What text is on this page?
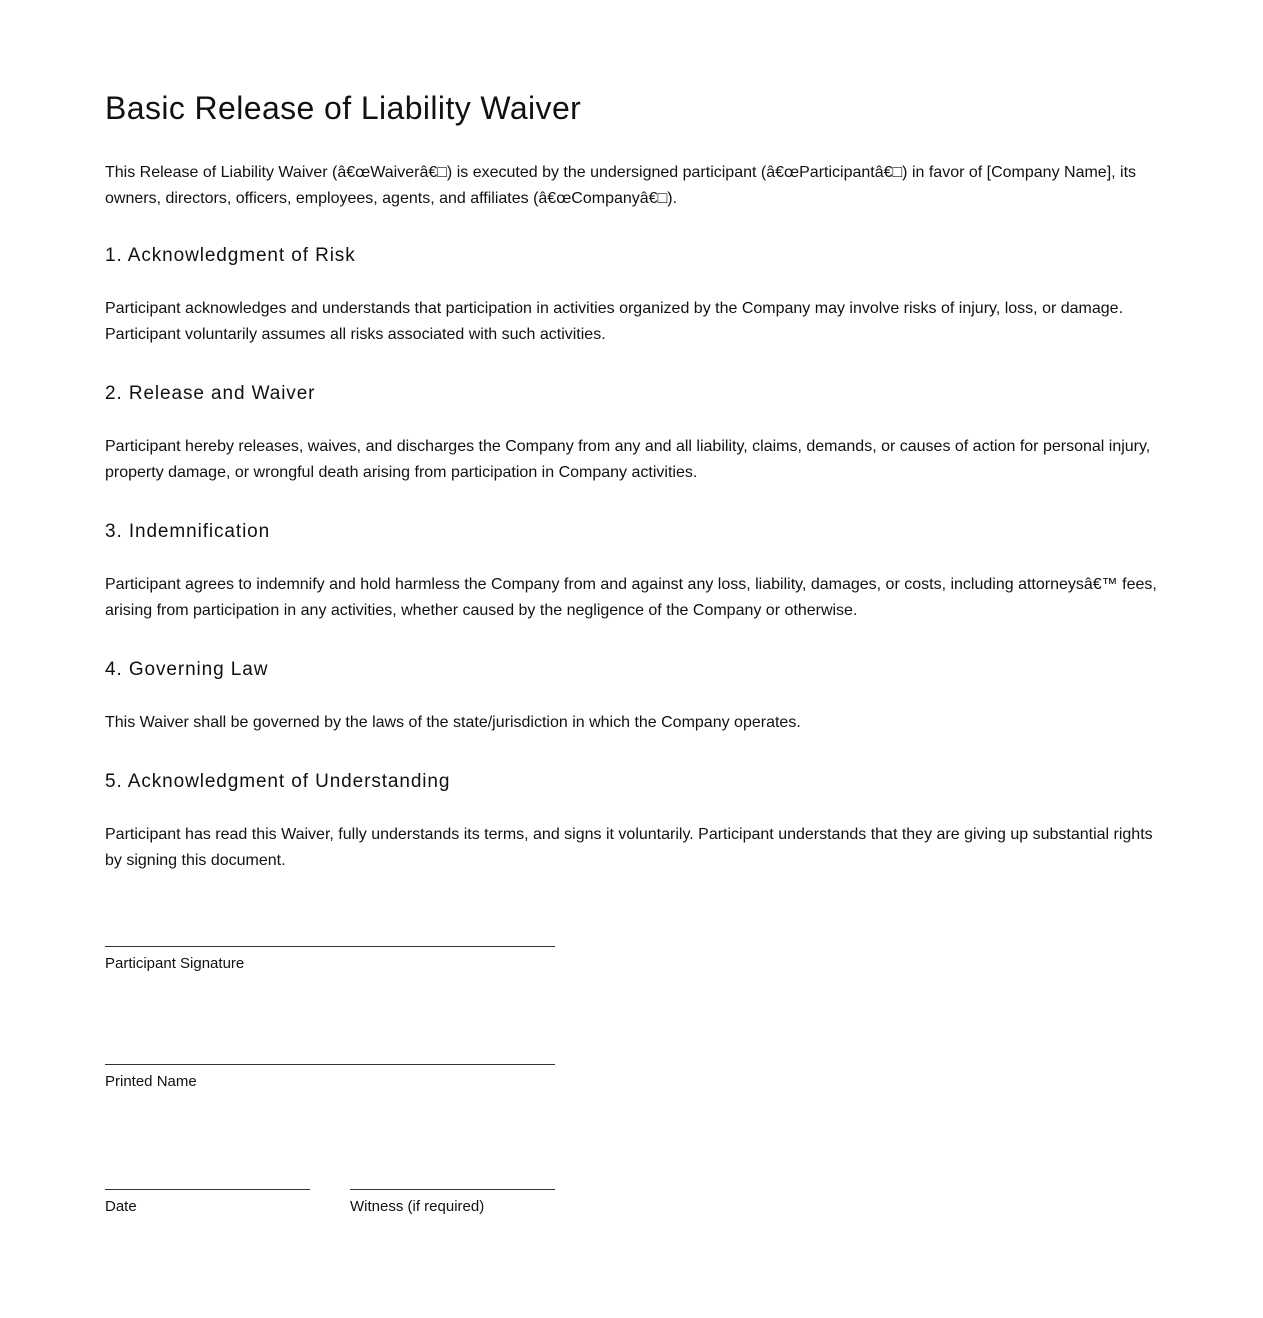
Basic Release of Liability Waiver

This Release of Liability Waiver (â€œWaiverâ€□) is executed by the undersigned participant (â€œParticipantâ€□) in favor of [Company Name], its owners, directors, officers, employees, agents, and affiliates (â€œCompanyâ€□).

1. Acknowledgment of Risk

Participant acknowledges and understands that participation in activities organized by the Company may involve risks of injury, loss, or damage. Participant voluntarily assumes all risks associated with such activities.

2. Release and Waiver

Participant hereby releases, waives, and discharges the Company from any and all liability, claims, demands, or causes of action for personal injury, property damage, or wrongful death arising from participation in Company activities.

3. Indemnification

Participant agrees to indemnify and hold harmless the Company from and against any loss, liability, damages, or costs, including attorneysâ€™ fees, arising from participation in any activities, whether caused by the negligence of the Company or otherwise.

4. Governing Law

This Waiver shall be governed by the laws of the state/jurisdiction in which the Company operates.

5. Acknowledgment of Understanding

Participant has read this Waiver, fully understands its terms, and signs it voluntarily. Participant understands that they are giving up substantial rights by signing this document.

Participant Signature
Printed Name
Date	Witness (if required)
